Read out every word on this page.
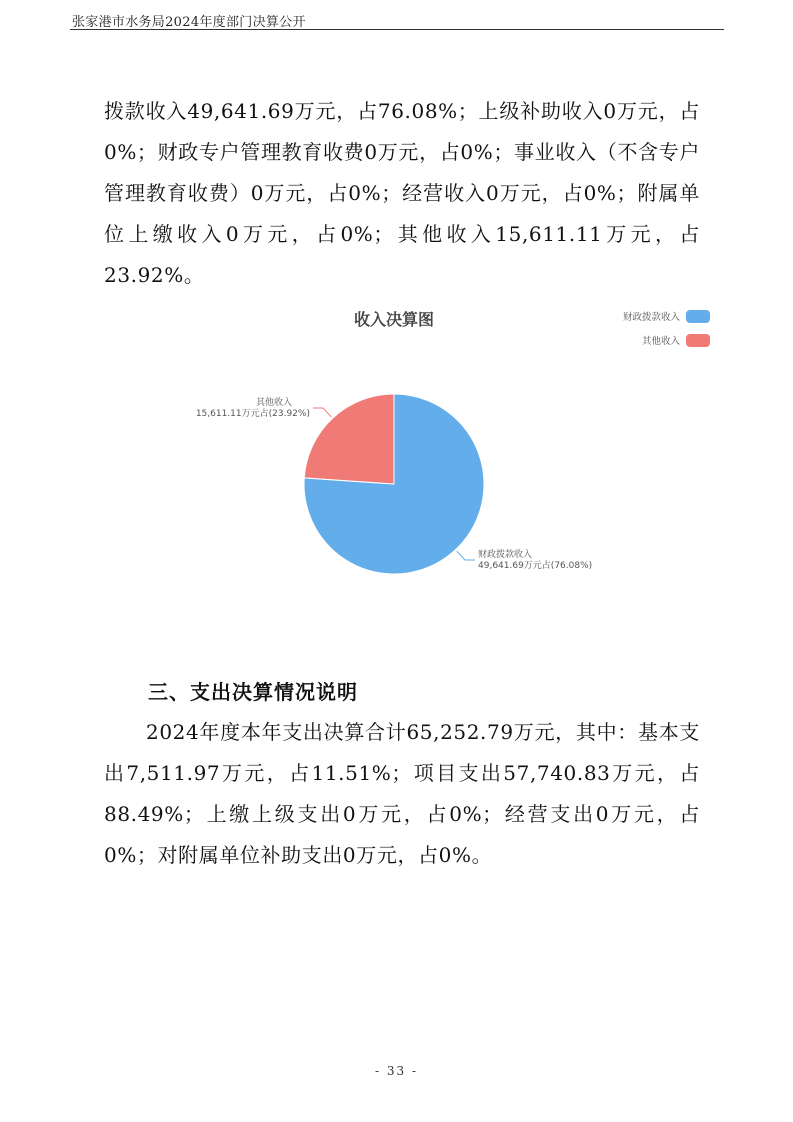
张家港市水务局2024年度部门决算公开

拨款收入49,641.69万元，占76.08%；上级补助收入0万元，占0%；财政专户管理教育收费0万元，占0%；事业收入（不含专户管理教育收费）0万元，占0%；经营收入0万元，占0%；附属单位上缴收入0万元，占0%；其他收入15,611.11万元，占23.92%。

收入决算图	财政拨款收入
其他收入
财政拨款收入
49,641.69万元占(76.08%)
其他收入
15,611.11万元占(23.92%)
三、支出决算情况说明

2024年度本年支出决算合计65,252.79万元，其中：基本支出7,511.97万元，占11.51%；项目支出57,740.83万元，占88.49%；上缴上级支出0万元，占0%；经营支出0万元，占0%；对附属单位补助支出0万元，占0%。

- 33 -
